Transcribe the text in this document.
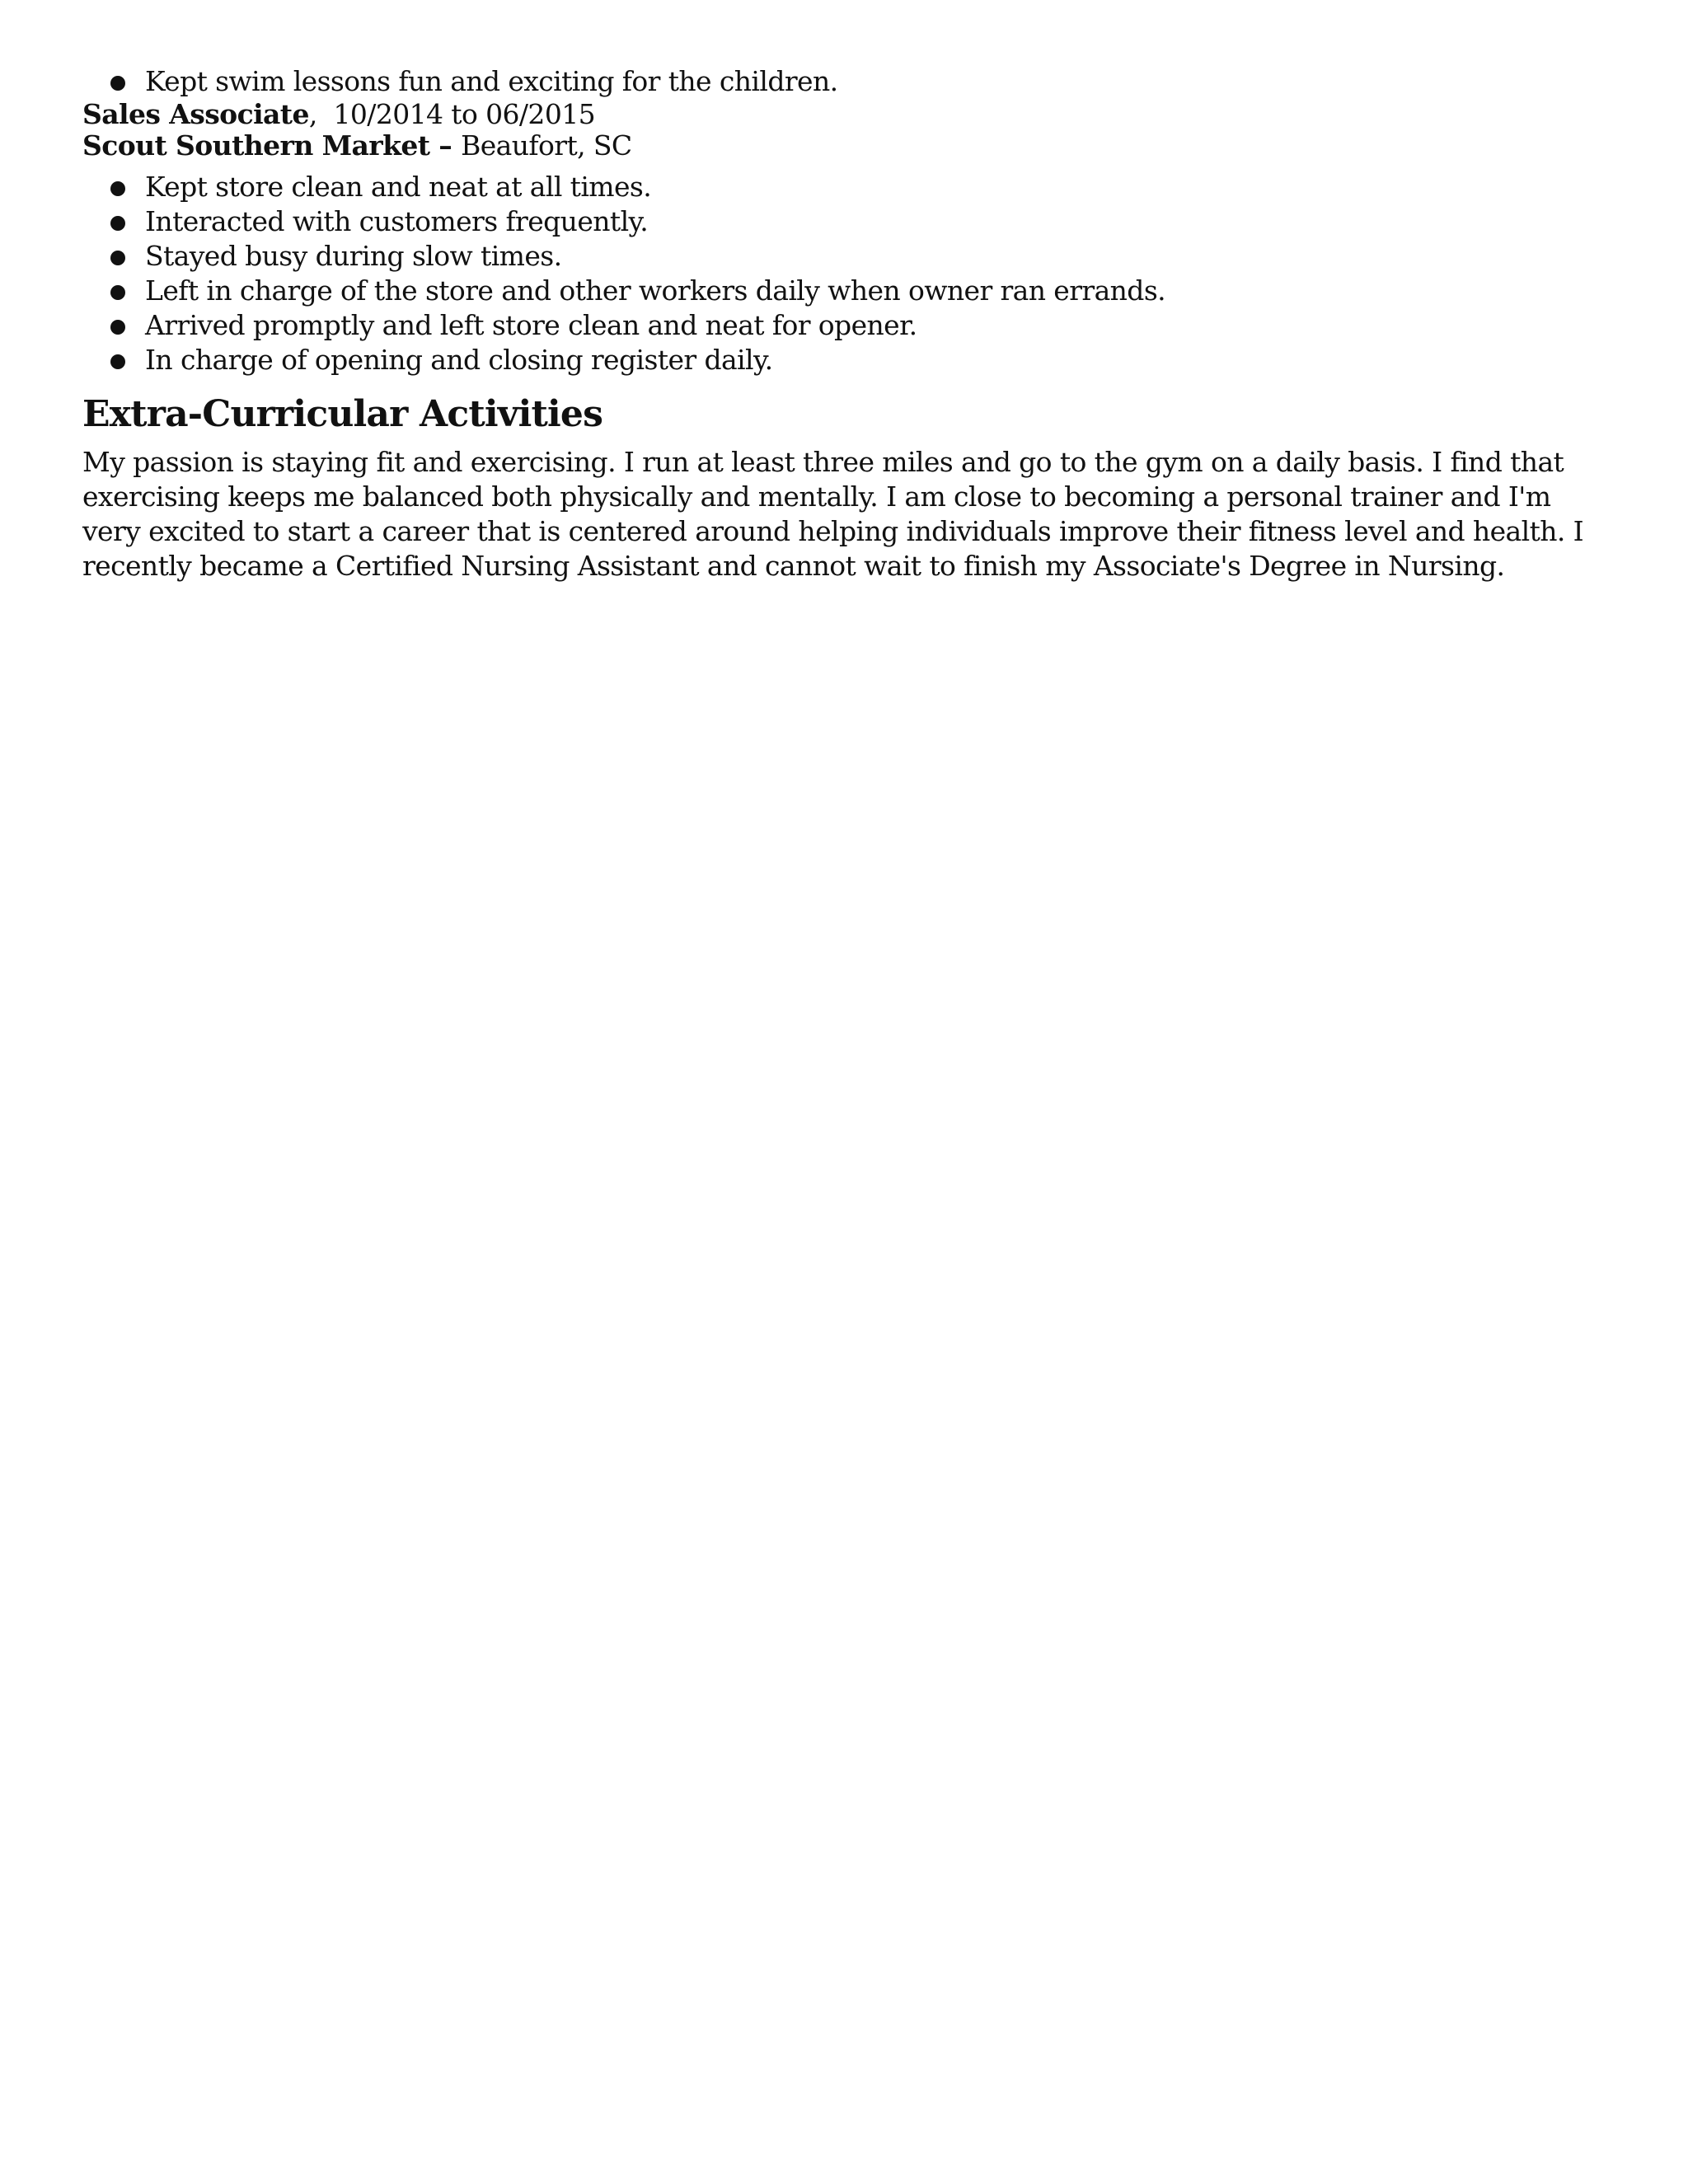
Kept swim lessons fun and exciting for the children.
Sales Associate, 10/2014 to 06/2015
Scout Southern Market – Beaufort, SC
Kept store clean and neat at all times.
Interacted with customers frequently.
Stayed busy during slow times.
Left in charge of the store and other workers daily when owner ran errands.
Arrived promptly and left store clean and neat for opener.
In charge of opening and closing register daily.
Extra-Curricular Activities
My passion is staying fit and exercising. I run at least three miles and go to the gym on a daily basis. I find that exercising keeps me balanced both physically and mentally. I am close to becoming a personal trainer and I'm very excited to start a career that is centered around helping individuals improve their fitness level and health. I recently became a Certified Nursing Assistant and cannot wait to finish my Associate's Degree in Nursing.
